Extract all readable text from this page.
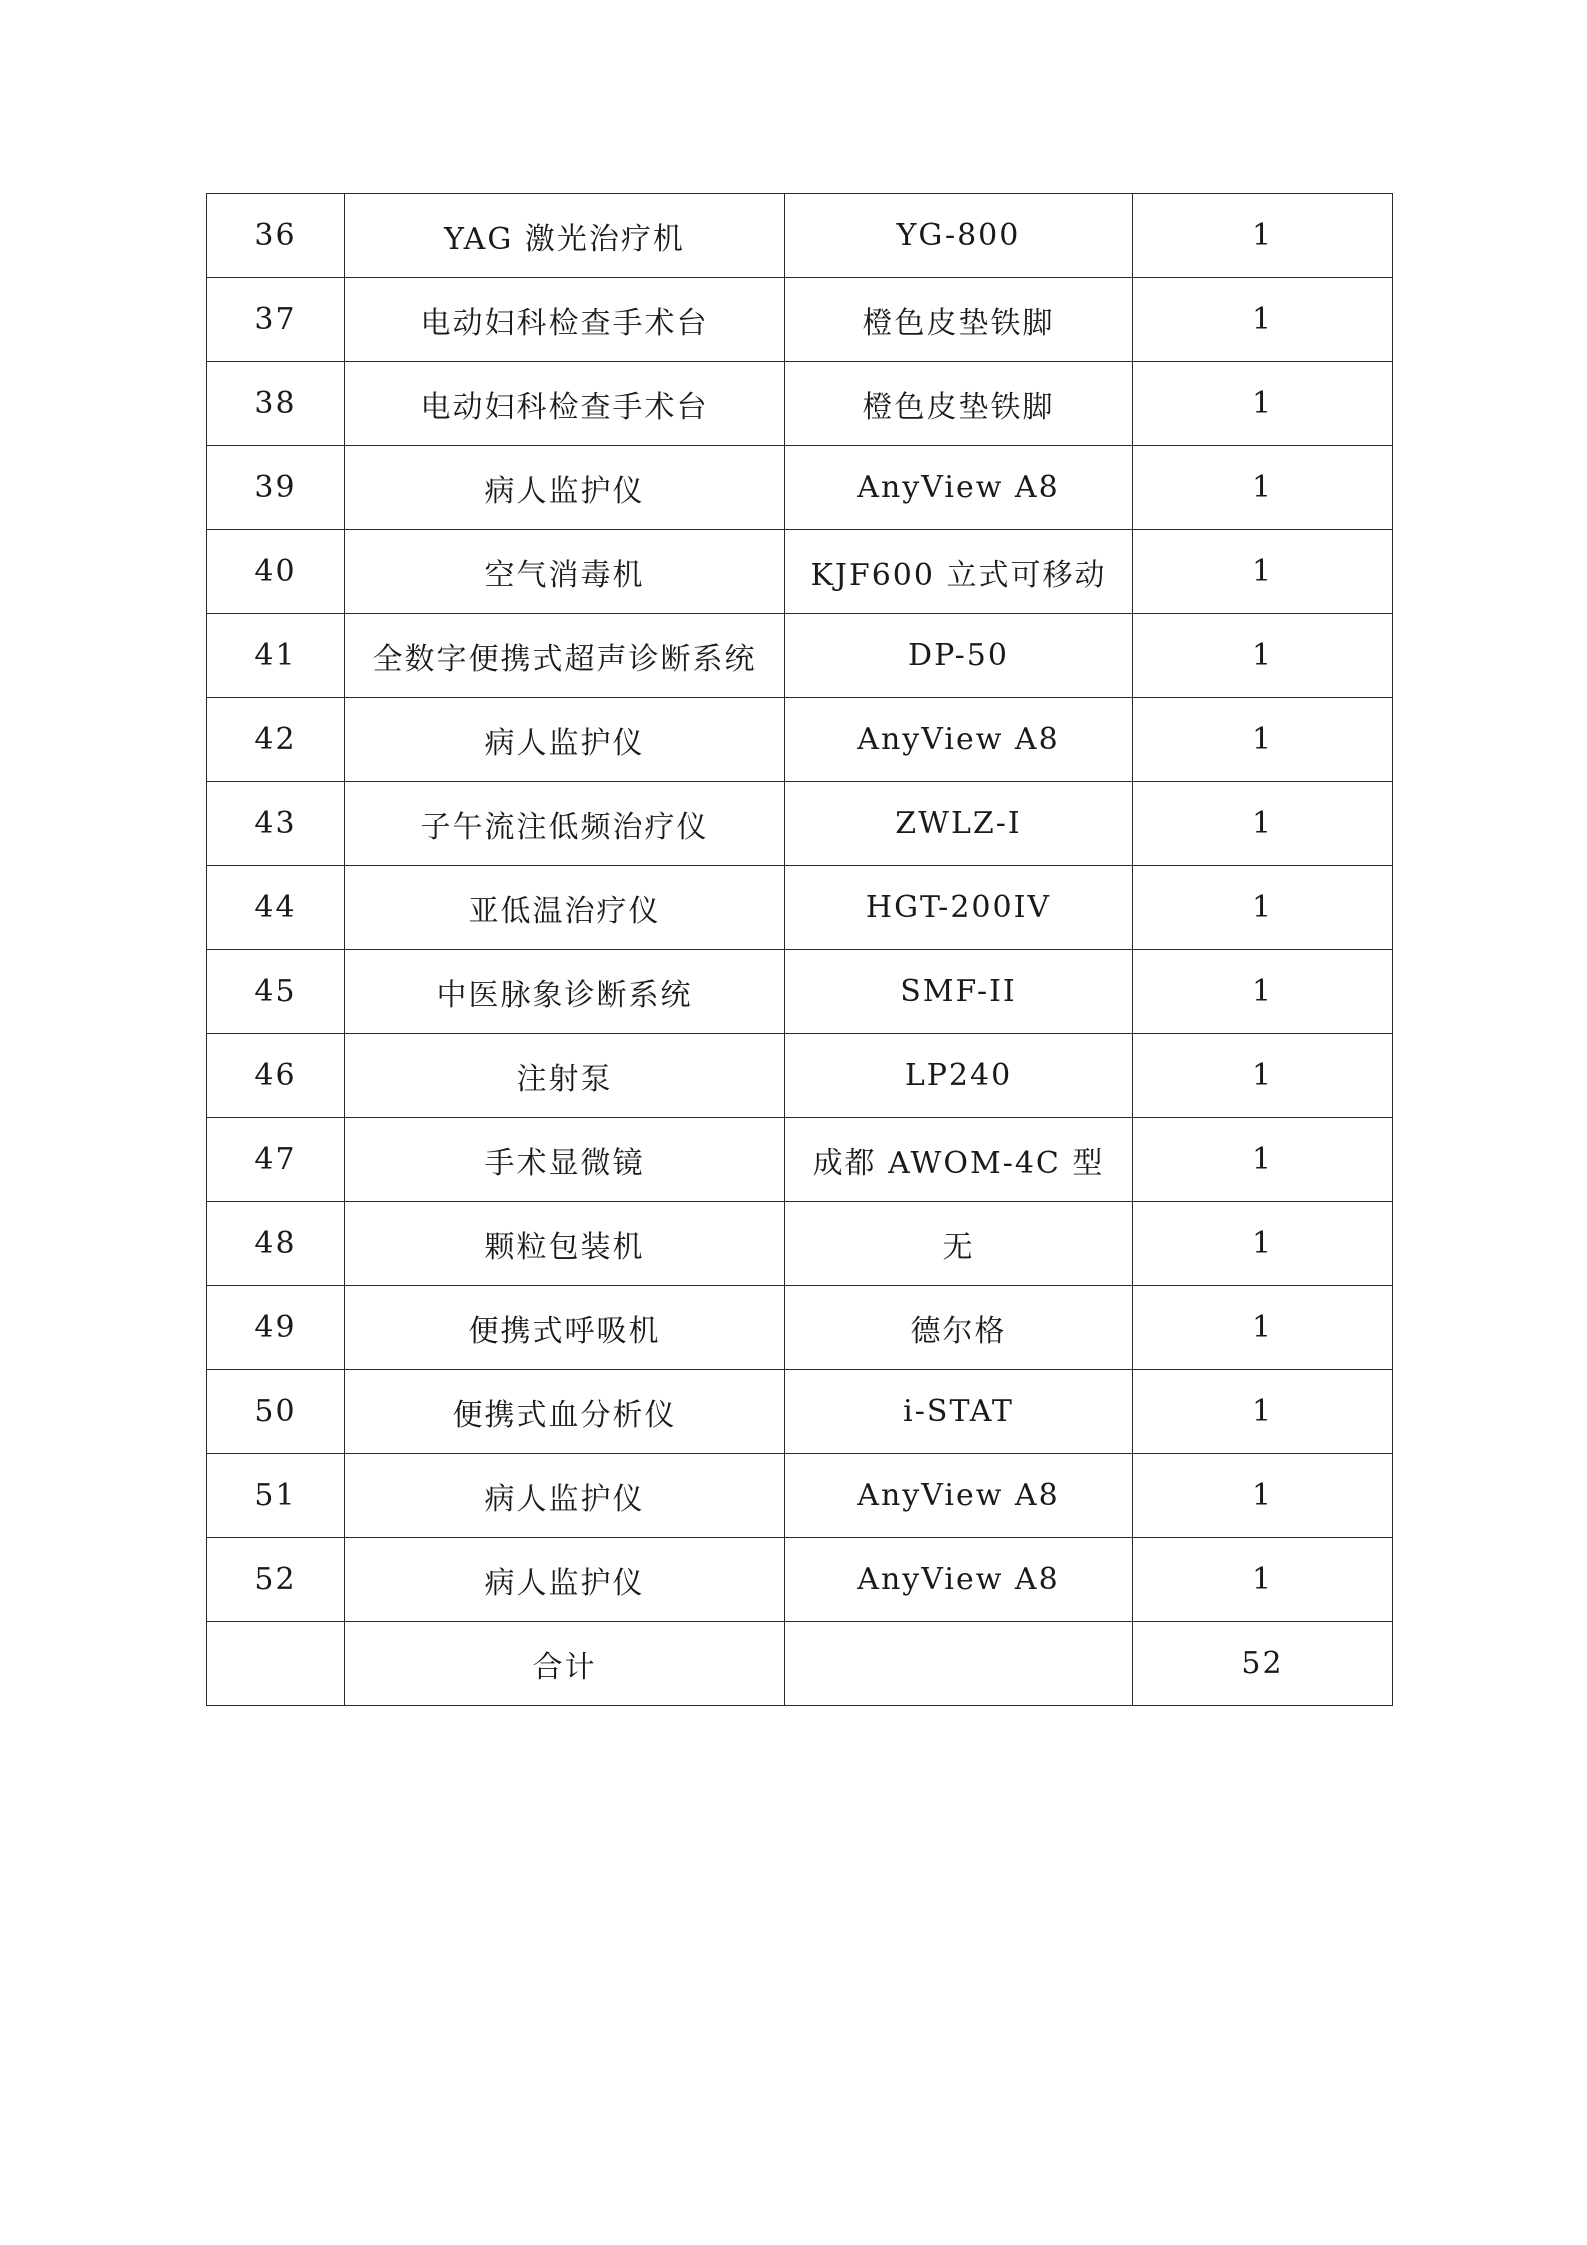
36	YAG 激光治疗机	YG-800	1
37	电动妇科检查手术台	橙色皮垫铁脚	1
38	电动妇科检查手术台	橙色皮垫铁脚	1
39	病人监护仪	AnyView A8	1
40	空气消毒机	KJF600 立式可移动	1
41	全数字便携式超声诊断系统	DP-50	1
42	病人监护仪	AnyView A8	1
43	子午流注低频治疗仪	ZWLZ-I	1
44	亚低温治疗仪	HGT-200IV	1
45	中医脉象诊断系统	SMF-II	1
46	注射泵	LP240	1
47	手术显微镜	成都 AWOM-4C 型	1
48	颗粒包装机	无	1
49	便携式呼吸机	德尔格	1
50	便携式血分析仪	i-STAT	1
51	病人监护仪	AnyView A8	1
52	病人监护仪	AnyView A8	1
	合计		52
